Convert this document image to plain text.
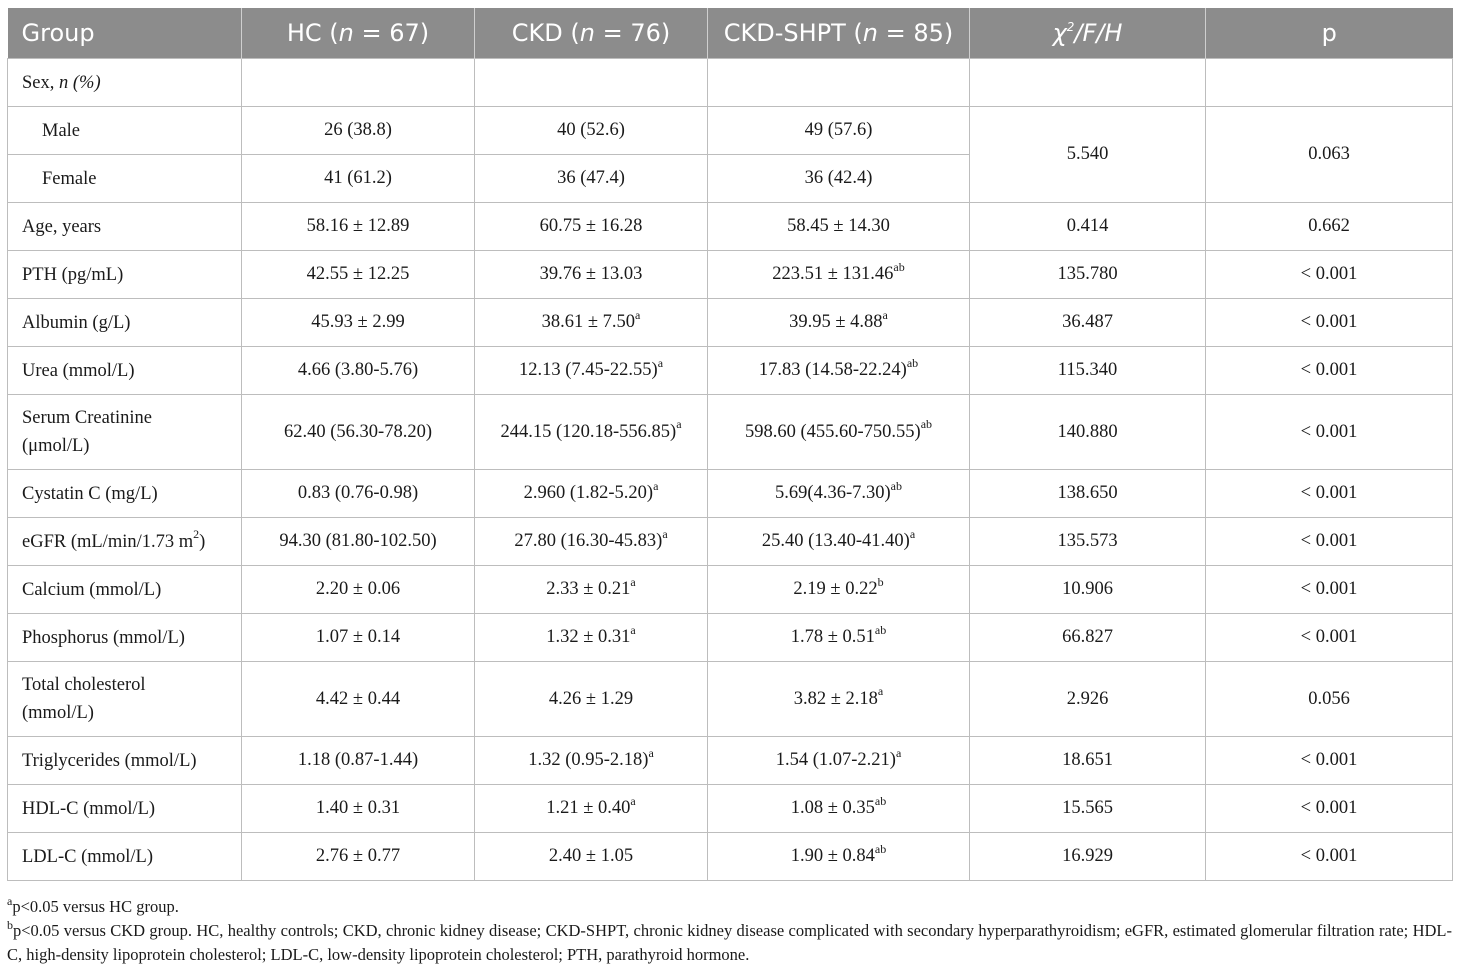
Group	HC (n = 67)	CKD (n = 76)	CKD-SHPT (n = 85)	$\chi^2/F/H$	p
Sex, n (%)					
Male	26 (38.8)	40 (52.6)	49 (57.6)	5.540	0.063
Female	41 (61.2)	36 (47.4)	36 (42.4)		
Age, years	58.16 ± 12.89	60.75 ± 16.28	58.45 ± 14.30	0.414	0.662
PTH (pg/mL)	42.55 ± 12.25	39.76 ± 13.03	223.51 ± 131.46$^{ab}$	135.780	< 0.001
Albumin (g/L)	45.93 ± 2.99	38.61 ± 7.50$^a$	39.95 ± 4.88$^a$	36.487	< 0.001
Urea (mmol/L)	4.66 (3.80-5.76)	12.13 $(7.45-22.55)^a$	17.83 $(14.58-22.24)^{ab}$	115.340	< 0.001
Serum Creatinine
(μmol/L)	62.40 (56.30-78.20)	244.15 $(120.18-556.85)^a$	598.60 $(455.60-750.55)^{ab}$	140.880	< 0.001
Cystatin C (mg/L)	0.83 (0.76-0.98)	2.960 $(1.82-5.20)^a$	$5.69(4.36-7.30)^{ab}$	138.650	< 0.001
eGFR (mL/min/1.73 $m^2$)	94.30 (81.80-102.50)	27.80 $(16.30-45.83)^a$	25.40 $(13.40-41.40)^a$	135.573	< 0.001
Calcium (mmol/L)	2.20 ± 0.06	2.33 ± 0.21$^a$	2.19 ± 0.22$^b$	10.906	< 0.001
Phosphorus (mmol/L)	1.07 ± 0.14	1.32 ± 0.31$^a$	1.78 ± 0.51$^{ab}$	66.827	< 0.001
Total cholesterol
(mmol/L)	4.42 ± 0.44	4.26 ± 1.29	3.82 ± 2.18$^a$	2.926	0.056
Triglycerides (mmol/L)	1.18 (0.87-1.44)	1.32 $(0.95-2.18)^a$	1.54 $(1.07-2.21)^a$	18.651	< 0.001
HDL-C (mmol/L)	1.40 ± 0.31	1.21 ± 0.40$^a$	1.08 ± 0.35$^{ab}$	15.565	< 0.001
LDL-C (mmol/L)	2.76 ± 0.77	2.40 ± 1.05	1.90 ± 0.84$^{ab}$	16.929	< 0.001

$^a$p<0.05 versus HC group.

$^b$p<0.05 versus CKD group. HC, healthy controls; CKD, chronic kidney disease; CKD-SHPT, chronic kidney disease complicated with secondary hyperparathyroidism; eGFR, estimated glomerular filtration rate; HDL-C, high-density lipoprotein cholesterol; LDL-C, low-density lipoprotein cholesterol; PTH, parathyroid hormone.
